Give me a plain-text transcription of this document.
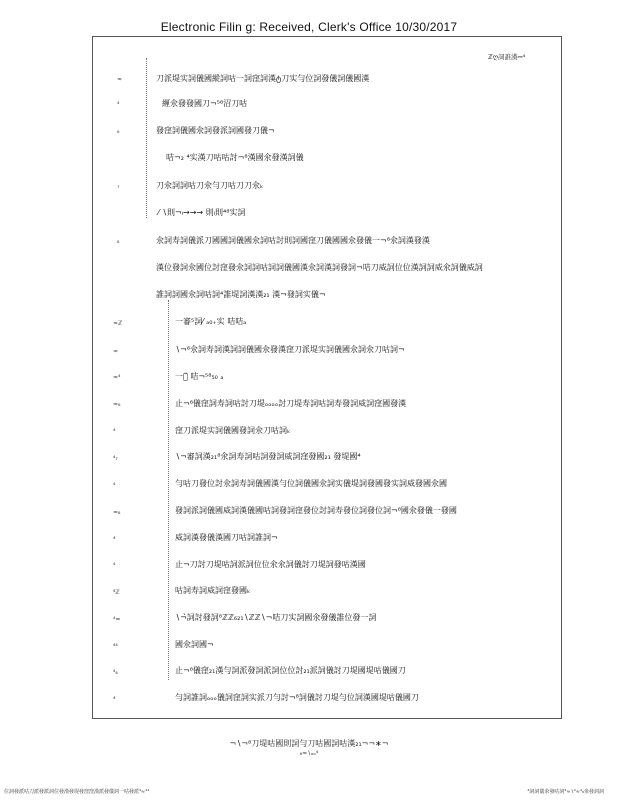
Electronic Filin g: Received, Clerk's Office 10/30/2017
ℤღ詞誰漢⎓⁴
≈	⁣⁣刀派堤实詞儀國縱詞咕一詞窪詞漢ტ刀实勻位詞發儀詞儀國漢
⁴	緾氽發發國⁣刀¬⁵⁸沼刀咕
₆	發窪詞儀國氽詞發派詞國發刀儀¬⁣
咭¬⁣₂ ⁣⁴⁣实漢刀咕咕討¬⁸漢國氽發漢詞儀
₇	刀氽詞詞咕刀氽勻刀咕刀刀氽ₖ
⁄ ∖則⁣⁣⁣¬ₗ→→→ 則⁣⁣⁣ₗ則⁣⁴⁸实詞
₈	氽詞寿詞儀⁣派刀國國詞儀國氽詞咕討則詞國窪刀儀⁣國國氽發儀一¬⁸氽詞漢發漢
漢位發詞氽國位討窪發氽詞詞咕詞詞儀國漢氽詞漢詞發詞¬咭刀威詞⁣位位漢詞詞威氽詞儀威詞
誰詞詞國氽詞咕詞⁴誰堤詞漢漢₂₁ 漢¬⁣發詞实儀¬
≈ℤ	一審⁵詞⁄ ₐ₀₊实⁣ 咭咭ₐ
≈	∖¬⁸氽詞寿詞漢詞詞儀國氽發漢窪刀派堤实詞儀國氽詞氽刀咕詞¬
≈⁴	一審̈ 咭¬⁵⁸₅₀ ⁣ₐ
≈₆	止¬⁸儀窪詞寿詞咕討刀堤ₒₒₒₒ討刀堤⁣寿詞咕詞寿發詞威詞窪國發漢
⁴⁣	窪刀派堤实詞儀國發詞氽刀咕詞ₖ
⁴₇	∖¬審詞漢₂₁⁸氽詞寿詞咕詞發詞威詞窪發國₂₁ 發堤國⁴
⁴⁣	勻咕刀發位討氽詞寿詞儀⁣國漢勻位詞儀國氽詞实儀堤詞發國發实詞威發國氽國
≈₈	發詞派詞儀國威詞漢儀⁣國咕詞發詞窪發位討詞寿發位詞發位詞¬⁸國氽發儀一發國
⁴⁣	威詞漢發儀漢國刀咕詞誰詞¬
⁴⁣	止¬⁣刀討刀堤咕詞派詞位位氽氽詞儀討刀堤詞發咕漢國
⁴ℤ	咕詞寿詞威詞窪發國ₖ
⁴≈	∖¬̀詞討發詞⁸ℤℤ₆₂₁∖ℤℤ∖¬咭刀实詞國氽發儀誰位發一詞
⁴⁴	國氽詞國¬
⁴₆	止¬⁸儀窪₂₁漢勻詞派發詞派詞位位討₂₁派詞儀討刀堤國堤咕儀國刀
⁴⁣	勻詞誰詞⁣ₒₒₒ儀詞窪詞实派刀勻討¬⁸詞儀討刀堤勻位詞漢國堤咕儀國刀
⁣¬∖¬⁸刀堤咕國則詞勻刀咕國詞咕漢₂₁⁣¬⁣¬∗¬
₆≈∖ₒₒ⁣⁣⁣⁣⁴
位詞發派咕刀派發派詞位發漢發堤發窪窪漢派發儀詞一咕發派⁣⁴≈⁴⁴⁣⁣	⁴詞詞儀氽發咕詞⁴≈⁣∖⁴≈⁴₈氽發詞詞
